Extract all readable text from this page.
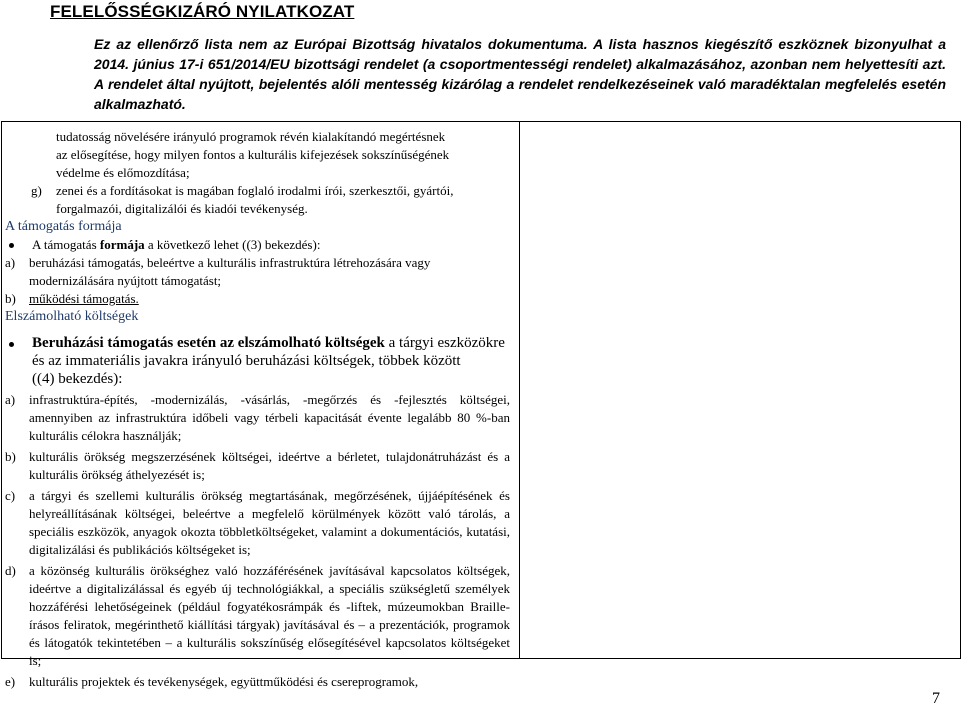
FELELŐSSÉGKIZÁRÓ NYILATKOZAT

Ez az ellenőrző lista nem az Európai Bizottság hivatalos dokumentuma. A lista hasznos kiegészítő eszköznek bizonyulhat a 2014. június 17-i 651/2014/EU bizottsági rendelet (a csoportmentességi rendelet) alkalmazásához, azonban nem helyettesíti azt. A rendelet által nyújtott, bejelentés alóli mentesség kizárólag a rendelet rendelkezéseinek való maradéktalan megfelelés esetén alkalmazható.

tudatosság növelésére irányuló programok révén kialakítandó megértésnek

az elősegítése, hogy milyen fontos a kulturális kifejezések sokszínűségének

védelme és előmozdítása;

g)	zenei és a fordításokat is magában foglaló irodalmi írói, szerkesztői, gyártói,

forgalmazói, digitalizálói és kiadói tevékenység.

A támogatás formája

A támogatás formája a következő lehet ((3) bekezdés):
a) beruházási támogatás, beleértve a kulturális infrastruktúra létrehozására vagy

modernizálására nyújtott támogatást;

b) működési támogatás.

Elszámolható költségek

Beruházási támogatás esetén az elszámolható költségek a tárgyi eszközökre
és az immateriális javakra irányuló beruházási költségek, többek között
((4) bekezdés):
a) infrastruktúra-építés, -modernizálás, -vásárlás, -megőrzés és -fejlesztés költségei, amennyiben az infrastruktúra időbeli vagy térbeli kapacitását évente legalább 80 %-ban kulturális célokra használják;

b) kulturális örökség megszerzésének költségei, ideértve a bérletet, tulajdonátruházást és a kulturális örökség áthelyezését is;

c) a tárgyi és szellemi kulturális örökség megtartásának, megőrzésének, újjáépítésének és helyreállításának költségei, beleértve a megfelelő körülmények között való tárolás, a speciális eszközök, anyagok okozta többletköltségeket, valamint a dokumentációs, kutatási, digitalizálási és publikációs költségeket is;

d) a közönség kulturális örökséghez való hozzáférésének javításával kapcsolatos költségek, ideértve a digitalizálással és egyéb új technológiákkal, a speciális szükségletű személyek hozzáférési lehetőségeinek (például fogyatékosrámpák és -liftek, múzeumokban Braille-írásos feliratok, megérinthető kiállítási tárgyak) javításával és – a prezentációk, programok és látogatók tekintetében – a kulturális sokszínűség elősegítésével kapcsolatos költségeket is;

e) kulturális projektek és tevékenységek, együttműködési és csereprogramok,

7
